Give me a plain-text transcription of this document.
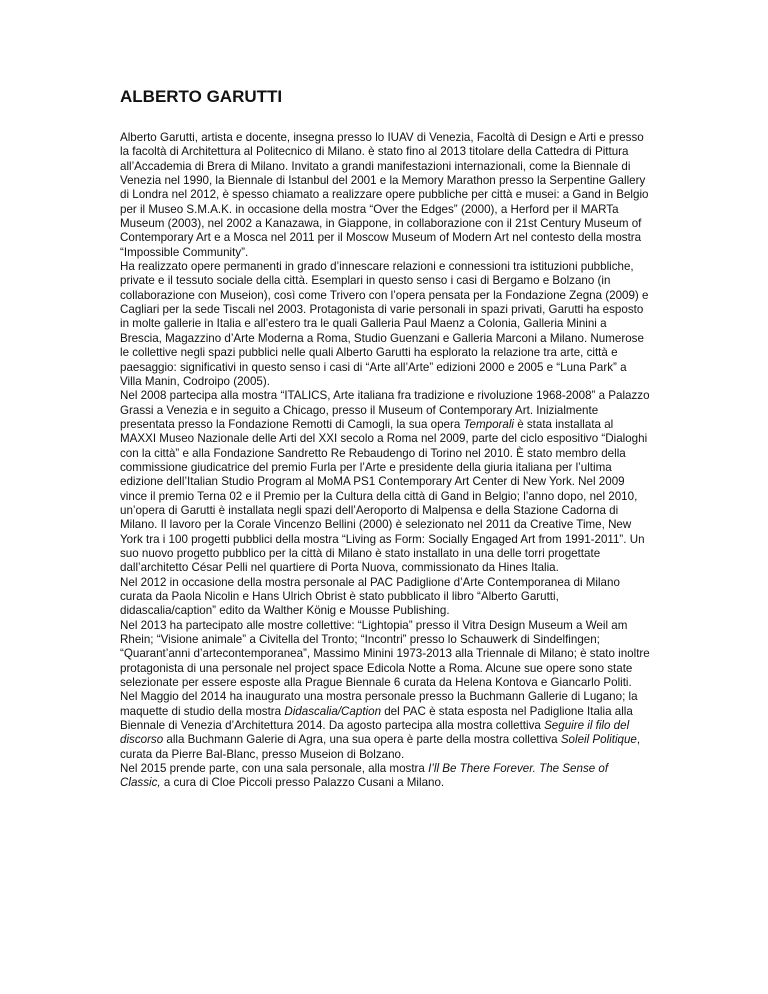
ALBERTO GARUTTI

Alberto Garutti, artista e docente, insegna presso lo IUAV di Venezia, Facoltà di Design e Arti e presso la facoltà di Architettura al Politecnico di Milano. è stato fino al 2013 titolare della Cattedra di Pittura all’Accademia di Brera di Milano. Invitato a grandi manifestazioni internazionali, come la Biennale di Venezia nel 1990, la Biennale di Istanbul del 2001 e la Memory Marathon presso la Serpentine Gallery di Londra nel 2012, è spesso chiamato a realizzare opere pubbliche per città e musei: a Gand in Belgio per il Museo S.M.A.K. in occasione della mostra “Over the Edges” (2000), a Herford per il MARTa Museum (2003), nel 2002 a Kanazawa, in Giappone, in collaborazione con il 21st Century Museum of Contemporary Art e a Mosca nel 2011 per il Moscow Museum of Modern Art nel contesto della mostra “Impossible Community”.

Ha realizzato opere permanenti in grado d’innescare relazioni e connessioni tra istituzioni pubbliche, private e il tessuto sociale della città. Esemplari in questo senso i casi di Bergamo e Bolzano (in collaborazione con Museion), così come Trivero con l’opera pensata per la Fondazione Zegna (2009) e Cagliari per la sede Tiscali nel 2003. Protagonista di varie personali in spazi privati, Garutti ha esposto in molte gallerie in Italia e all’estero tra le quali Galleria Paul Maenz a Colonia, Galleria Minini a Brescia, Magazzino d’Arte Moderna a Roma, Studio Guenzani e Galleria Marconi a Milano. Numerose le collettive negli spazi pubblici nelle quali Alberto Garutti ha esplorato la relazione tra arte, città e paesaggio: significativi in questo senso i casi di “Arte all’Arte” edizioni 2000 e 2005 e “Luna Park” a Villa Manin, Codroipo (2005).

Nel 2008 partecipa alla mostra “ITALICS, Arte italiana fra tradizione e rivoluzione 1968-2008” a Palazzo Grassi a Venezia e in seguito a Chicago, presso il Museum of Contemporary Art. Inizialmente presentata presso la Fondazione Remotti di Camogli, la sua opera Temporali è stata installata al MAXXI Museo Nazionale delle Arti del XXI secolo a Roma nel 2009, parte del ciclo espositivo “Dialoghi con la città” e alla Fondazione Sandretto Re Rebaudengo di Torino nel 2010. È stato membro della commissione giudicatrice del premio Furla per l’Arte e presidente della giuria italiana per l’ultima edizione dell’Italian Studio Program al MoMA PS1 Contemporary Art Center di New York. Nel 2009 vince il premio Terna 02 e il Premio per la Cultura della città di Gand in Belgio; l’anno dopo, nel 2010, un’opera di Garutti è installata negli spazi dell’Aeroporto di Malpensa e della Stazione Cadorna di Milano. Il lavoro per la Corale Vincenzo Bellini (2000) è selezionato nel 2011 da Creative Time, New York tra i 100 progetti pubblici della mostra “Living as Form: Socially Engaged Art from 1991-2011”. Un suo nuovo progetto pubblico per la città di Milano è stato installato in una delle torri progettate dall’architetto César Pelli nel quartiere di Porta Nuova, commissionato da Hines Italia.

Nel 2012 in occasione della mostra personale al PAC Padiglione d’Arte Contemporanea di Milano curata da Paola Nicolin e Hans Ulrich Obrist è stato pubblicato il libro “Alberto Garutti, didascalia/caption” edito da Walther König e Mousse Publishing.

Nel 2013 ha partecipato alle mostre collettive: “Lightopia” presso il Vitra Design Museum a Weil am Rhein; “Visione animale” a Civitella del Tronto; “Incontri” presso lo Schauwerk di Sindelfingen; “Quarant’anni d’artecontemporanea”, Massimo Minini 1973-2013 alla Triennale di Milano; è stato inoltre protagonista di una personale nel project space Edicola Notte a Roma. Alcune sue opere sono state selezionate per essere esposte alla Prague Biennale 6 curata da Helena Kontova e Giancarlo Politi.

Nel Maggio del 2014 ha inaugurato una mostra personale presso la Buchmann Gallerie di Lugano; la maquette di studio della mostra Didascalia/Caption del PAC è stata esposta nel Padiglione Italia alla Biennale di Venezia d’Architettura 2014. Da agosto partecipa alla mostra collettiva Seguire il filo del discorso alla Buchmann Galerie di Agra, una sua opera è parte della mostra collettiva Soleil Politique, curata da Pierre Bal-Blanc, presso Museion di Bolzano.

Nel 2015 prende parte, con una sala personale, alla mostra I’ll Be There Forever. The Sense of Classic, a cura di Cloe Piccoli presso Palazzo Cusani a Milano.
